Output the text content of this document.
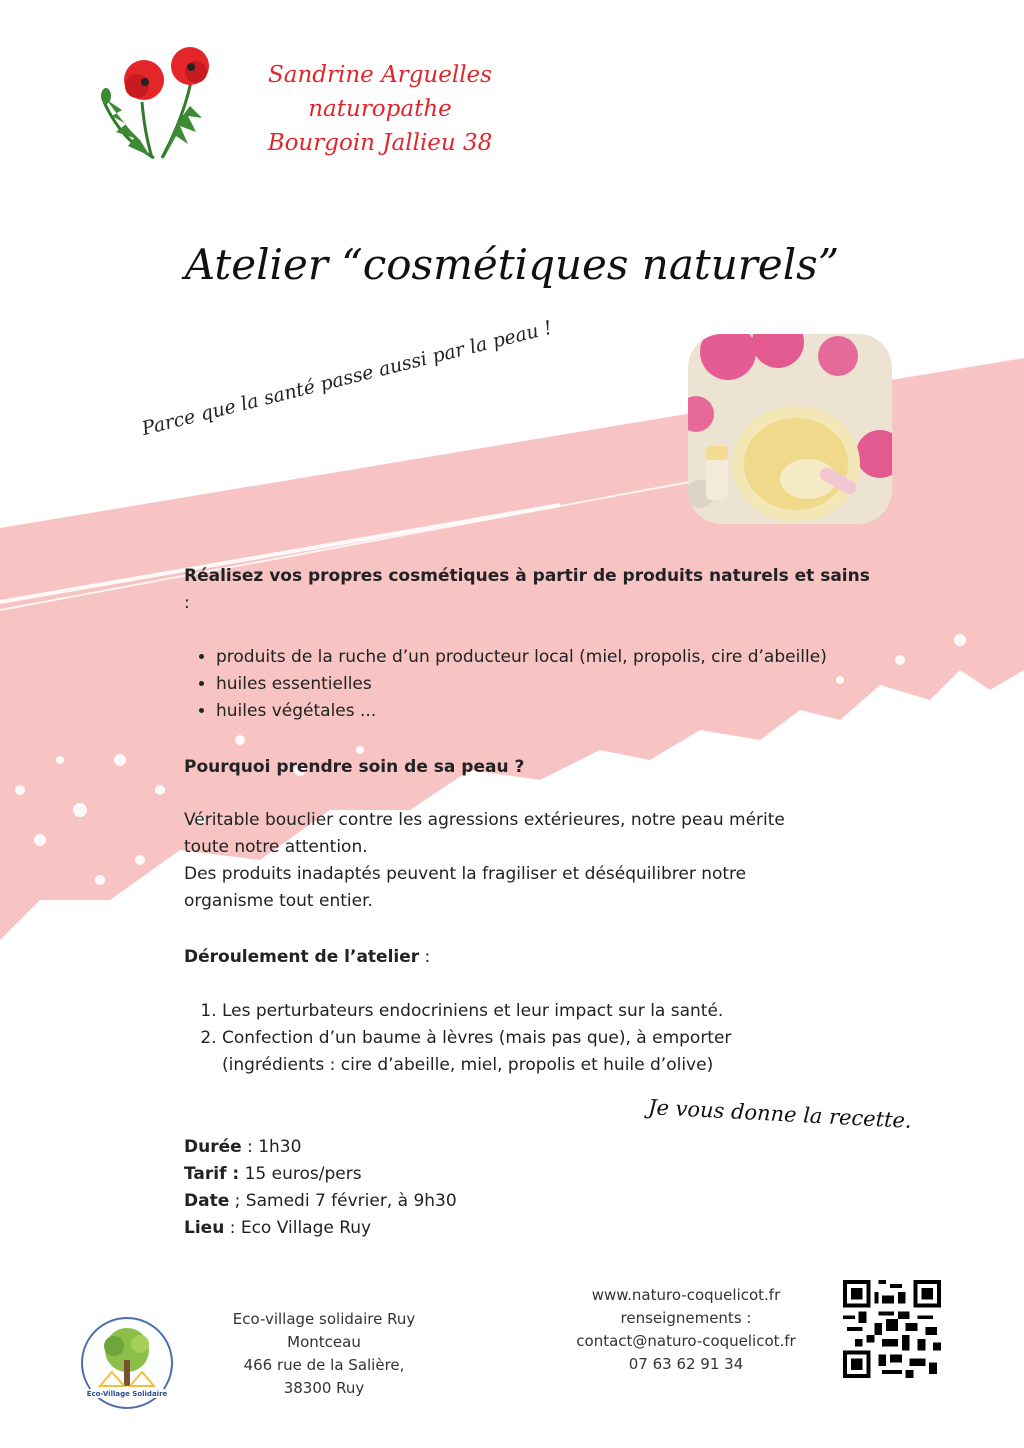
Sandrine Arguelles
naturopathe
Bourgoin Jallieu 38
Atelier “cosmétiques naturels”
Parce que la santé passe aussi par la peau !
Réalisez vos propres cosmétiques à partir de produits naturels et sains
:
• produits de la ruche d’un producteur local (miel, propolis, cire d’abeille)
• huiles essentielles
• huiles végétales ...
Pourquoi prendre soin de sa peau ?
Véritable bouclier contre les agressions extérieures, notre peau mérite toute notre attention.
Des produits inadaptés peuvent la fragiliser et déséquilibrer notre organisme tout entier.
Déroulement de l’atelier :
1. Les perturbateurs endocriniens et leur impact sur la santé.
2. Confection d’un baume à lèvres (mais pas que), à emporter (ingrédients : cire d’abeille, miel, propolis et huile d’olive)
Je vous donne la recette.
Durée : 1h30
Tarif : 15 euros/pers
Date ; Samedi 7 février, à 9h30
Lieu : Eco Village Ruy
Eco-Village Solidaire
Eco-village solidaire Ruy
Montceau
466 rue de la Salière,
38300 Ruy
www.naturo-coquelicot.fr
renseignements :
contact@naturo-coquelicot.fr
07 63 62 91 34
